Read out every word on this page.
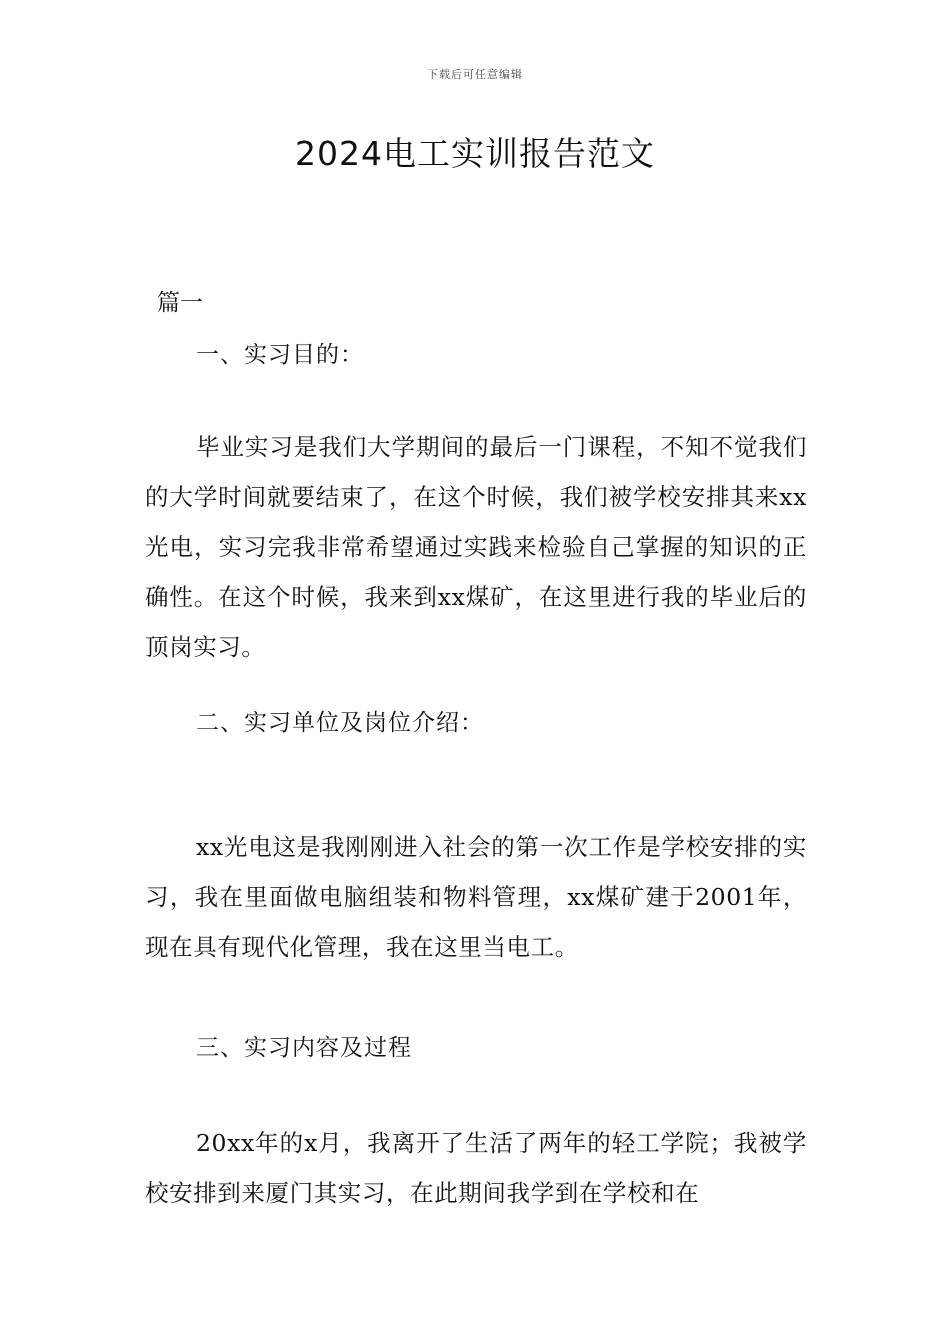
下载后可任意编辑
2024电工实训报告范文
篇一
一、实习目的：

毕业实习是我们大学期间的最后一门课程，不知不觉我们的大学时间就要结束了，在这个时候，我们被学校安排其来xx光电，实习完我非常希望通过实践来检验自己掌握的知识的正确性。在这个时候，我来到xx煤矿，在这里进行我的毕业后的顶岗实习。

二、实习单位及岗位介绍：

xx光电这是我刚刚进入社会的第一次工作是学校安排的实习，我在里面做电脑组装和物料管理，xx煤矿建于2001年，现在具有现代化管理，我在这里当电工。

三、实习内容及过程

20xx年的x月，我离开了生活了两年的轻工学院；我被学校安排到来厦门其实习，在此期间我学到在学校和在
